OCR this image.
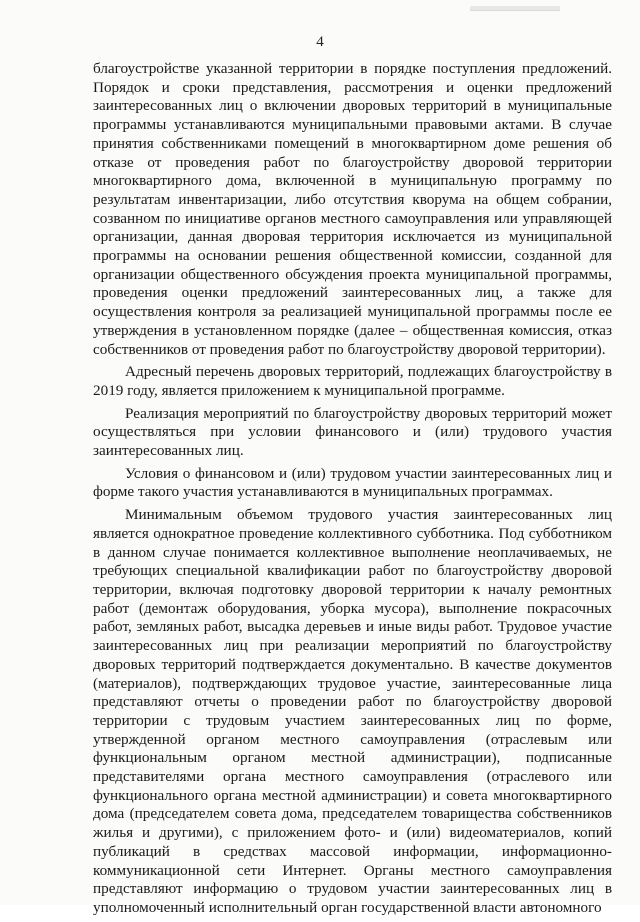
4

благоустройстве указанной территории в порядке поступления предложений. Порядок и сроки представления, рассмотрения и оценки предложений заинтересованных лиц о включении дворовых территорий в муниципальные программы устанавливаются муниципальными правовыми актами. В случае принятия собственниками помещений в многоквартирном доме решения об отказе от проведения работ по благоустройству дворовой территории многоквартирного дома, включенной в муниципальную программу по результатам инвентаризации, либо отсутствия кворума на общем собрании, созванном по инициативе органов местного самоуправления или управляющей организации, данная дворовая территория исключается из муниципальной программы на основании решения общественной комиссии, созданной для организации общественного обсуждения проекта муниципальной программы, проведения оценки предложений заинтересованных лиц, а также для осуществления контроля за реализацией муниципальной программы после ее утверждения в установленном порядке (далее – общественная комиссия, отказ собственников от проведения работ по благоустройству дворовой территории).

Адресный перечень дворовых территорий, подлежащих благоустройству в 2019 году, является приложением к муниципальной программе.

Реализация мероприятий по благоустройству дворовых территорий может осуществляться при условии финансового и (или) трудового участия заинтересованных лиц.

Условия о финансовом и (или) трудовом участии заинтересованных лиц и форме такого участия устанавливаются в муниципальных программах.

Минимальным объемом трудового участия заинтересованных лиц является однократное проведение коллективного субботника. Под субботником в данном случае понимается коллективное выполнение неоплачиваемых, не требующих специальной квалификации работ по благоустройству дворовой территории, включая подготовку дворовой территории к началу ремонтных работ (демонтаж оборудования, уборка мусора), выполнение покрасочных работ, земляных работ, высадка деревьев и иные виды работ. Трудовое участие заинтересованных лиц при реализации мероприятий по благоустройству дворовых территорий подтверждается документально. В качестве документов (материалов), подтверждающих трудовое участие, заинтересованные лица представляют отчеты о проведении работ по благоустройству дворовой территории с трудовым участием заинтересованных лиц по форме, утвержденной органом местного самоуправления (отраслевым или функциональным органом местной администрации), подписанные представителями органа местного самоуправления (отраслевого или функционального органа местной администрации) и совета многоквартирного дома (председателем совета дома, председателем товарищества собственников жилья и другими), с приложением фото- и (или) видеоматериалов, копий публикаций в средствах массовой информации, информационно-коммуникационной сети Интернет. Органы местного самоуправления представляют информацию о трудовом участии заинтересованных лиц в уполномоченный исполнительный орган государственной власти автономного
